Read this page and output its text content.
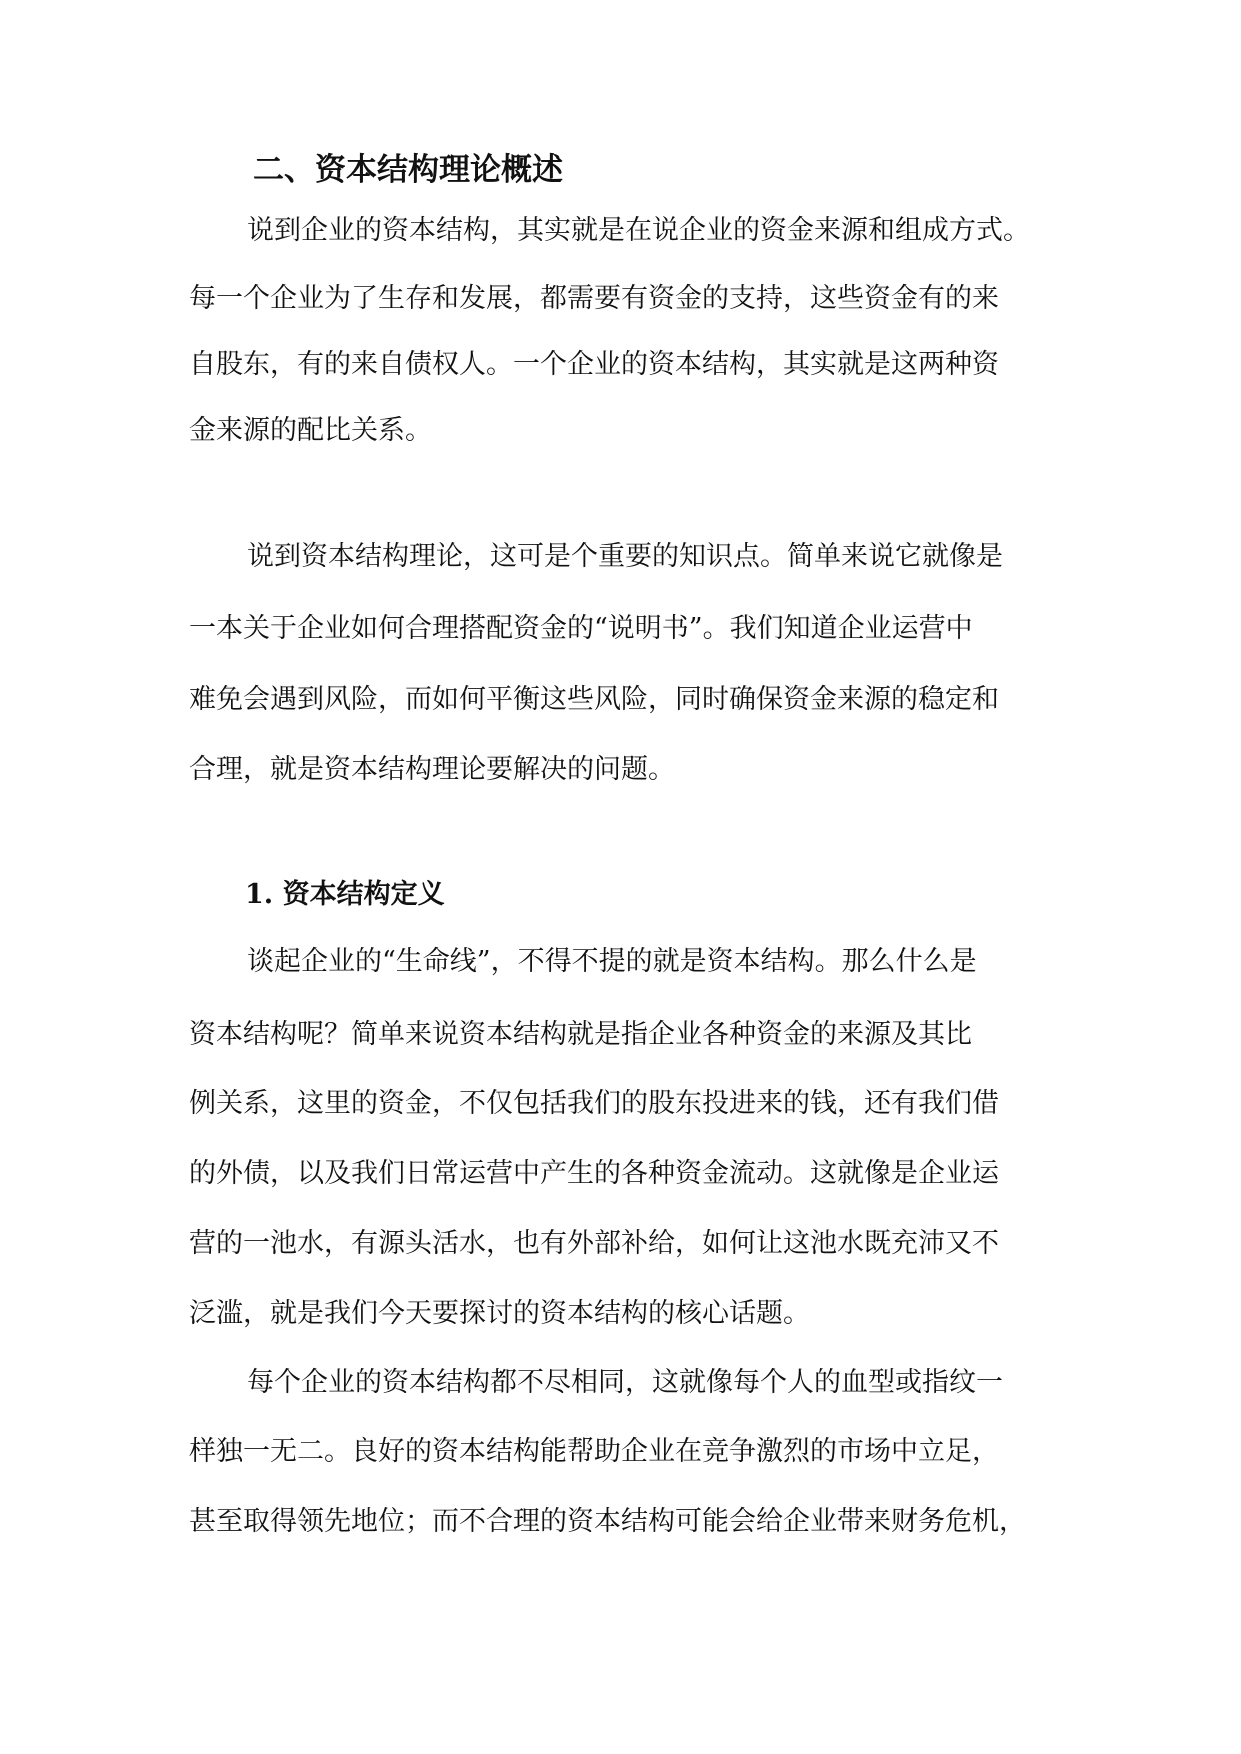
二、资本结构理论概述
说到企业的资本结构，其实就是在说企业的资金来源和组成方式。
每一个企业为了生存和发展，都需要有资金的支持，这些资金有的来
自股东，有的来自债权人。一个企业的资本结构，其实就是这两种资
金来源的配比关系。
说到资本结构理论，这可是个重要的知识点。简单来说它就像是
一本关于企业如何合理搭配资金的“说明书”。我们知道企业运营中
难免会遇到风险，而如何平衡这些风险，同时确保资金来源的稳定和
合理，就是资本结构理论要解决的问题。
1. 资本结构定义
谈起企业的“生命线”，不得不提的就是资本结构。那么什么是
资本结构呢？简单来说资本结构就是指企业各种资金的来源及其比
例关系，这里的资金，不仅包括我们的股东投进来的钱，还有我们借
的外债，以及我们日常运营中产生的各种资金流动。这就像是企业运
营的一池水，有源头活水，也有外部补给，如何让这池水既充沛又不
泛滥，就是我们今天要探讨的资本结构的核心话题。
每个企业的资本结构都不尽相同，这就像每个人的血型或指纹一
样独一无二。良好的资本结构能帮助企业在竞争激烈的市场中立足，
甚至取得领先地位；而不合理的资本结构可能会给企业带来财务危机，
